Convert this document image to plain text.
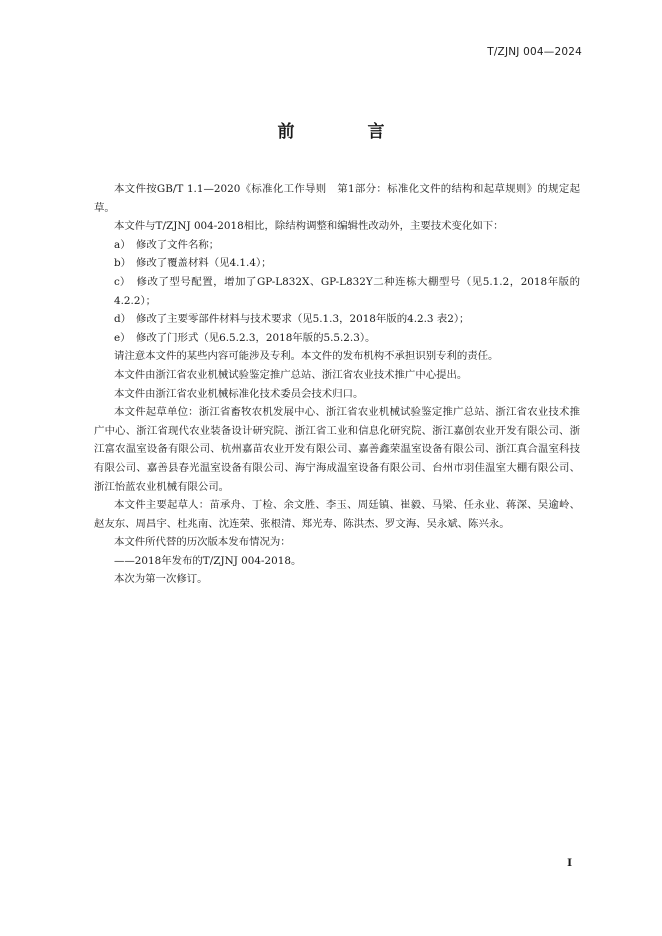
T/ZJNJ 004—2024
前　言

本文件按GB/T 1.1—2020《标准化工作导则　第1部分：标准化文件的结构和起草规则》的规定起草。

本文件与T/ZJNJ 004-2018相比，除结构调整和编辑性改动外，主要技术变化如下：

a） 修改了文件名称；

b） 修改了覆盖材料（见4.1.4）；

c） 修改了型号配置，增加了GP-L832X、GP-L832Y二种连栋大棚型号（见5.1.2，2018年版的4.2.2）；

d） 修改了主要零部件材料与技术要求（见5.1.3，2018年版的4.2.3 表2）；

e） 修改了门形式（见6.5.2.3，2018年版的5.5.2.3）。

请注意本文件的某些内容可能涉及专利。本文件的发布机构不承担识别专利的责任。

本文件由浙江省农业机械试验鉴定推广总站、浙江省农业技术推广中心提出。

本文件由浙江省农业机械标准化技术委员会技术归口。

本文件起草单位：浙江省畜牧农机发展中心、浙江省农业机械试验鉴定推广总站、浙江省农业技术推广中心、浙江省现代农业装备设计研究院、浙江省工业和信息化研究院、浙江嘉创农业开发有限公司、浙江富农温室设备有限公司、杭州嘉苗农业开发有限公司、嘉善鑫荣温室设备有限公司、浙江真合温室科技有限公司、嘉善县春光温室设备有限公司、海宁海成温室设备有限公司、台州市羽佳温室大棚有限公司、浙江怡蓝农业机械有限公司。

本文件主要起草人：苗承舟、丁检、余文胜、李玉、周廷镇、崔毅、马梁、任永业、蒋深、吴逾岭、赵友东、周昌宇、杜兆南、沈连荣、张根清、郑光寿、陈洪杰、罗文海、吴永斌、陈兴永。

本文件所代替的历次版本发布情况为：

——2018年发布的T/ZJNJ 004-2018。

本次为第一次修订。

I
